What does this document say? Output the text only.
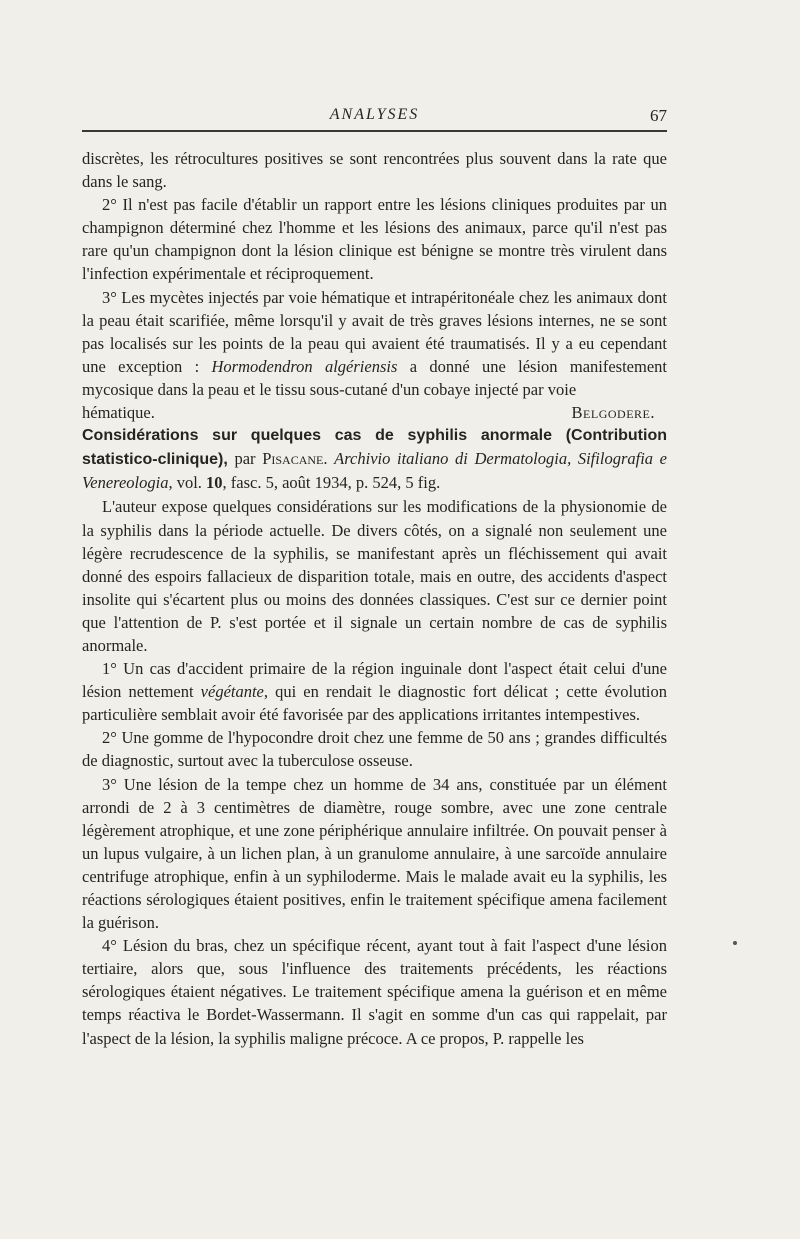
ANALYSES	67

discrètes, les rétrocultures positives se sont rencontrées plus souvent dans la rate que dans le sang.

2° Il n'est pas facile d'établir un rapport entre les lésions cliniques produites par un champignon déterminé chez l'homme et les lésions des animaux, parce qu'il n'est pas rare qu'un champignon dont la lésion clinique est bénigne se montre très virulent dans l'infection expérimentale et réciproquement.

3° Les mycètes injectés par voie hématique et intrapéritonéale chez les animaux dont la peau était scarifiée, même lorsqu'il y avait de très graves lésions internes, ne se sont pas localisés sur les points de la peau qui avaient été traumatisés. Il y a eu cependant une exception : Hormodendron algériensis a donné une lésion manifestement mycosique dans la peau et le tissu sous-cutané d'un cobaye injecté par voie

hématique.	Belgodere.

Considérations sur quelques cas de syphilis anormale (Contribution statistico-clinique), par Pisacane. Archivio italiano di Dermatologia, Sifilografia e Venereologia, vol. 10, fasc. 5, août 1934, p. 524, 5 fig.

L'auteur expose quelques considérations sur les modifications de la physionomie de la syphilis dans la période actuelle. De divers côtés, on a signalé non seulement une légère recrudescence de la syphilis, se manifestant après un fléchissement qui avait donné des espoirs fallacieux de disparition totale, mais en outre, des accidents d'aspect insolite qui s'écartent plus ou moins des données classiques. C'est sur ce dernier point que l'attention de P. s'est portée et il signale un certain nombre de cas de syphilis anormale.

1° Un cas d'accident primaire de la région inguinale dont l'aspect était celui d'une lésion nettement végétante, qui en rendait le diagnostic fort délicat ; cette évolution particulière semblait avoir été favorisée par des applications irritantes intempestives.

2° Une gomme de l'hypocondre droit chez une femme de 50 ans ; grandes difficultés de diagnostic, surtout avec la tuberculose osseuse.

3° Une lésion de la tempe chez un homme de 34 ans, constituée par un élément arrondi de 2 à 3 centimètres de diamètre, rouge sombre, avec une zone centrale légèrement atrophique, et une zone périphérique annulaire infiltrée. On pouvait penser à un lupus vulgaire, à un lichen plan, à un granulome annulaire, à une sarcoïde annulaire centrifuge atrophique, enfin à un syphiloderme. Mais le malade avait eu la syphilis, les réactions sérologiques étaient positives, enfin le traitement spécifique amena facilement la guérison.

4° Lésion du bras, chez un spécifique récent, ayant tout à fait l'aspect d'une lésion tertiaire, alors que, sous l'influence des traitements précédents, les réactions sérologiques étaient négatives. Le traitement spécifique amena la guérison et en même temps réactiva le Bordet-Wassermann. Il s'agit en somme d'un cas qui rappelait, par l'aspect de la lésion, la syphilis maligne précoce. A ce propos, P. rappelle les
